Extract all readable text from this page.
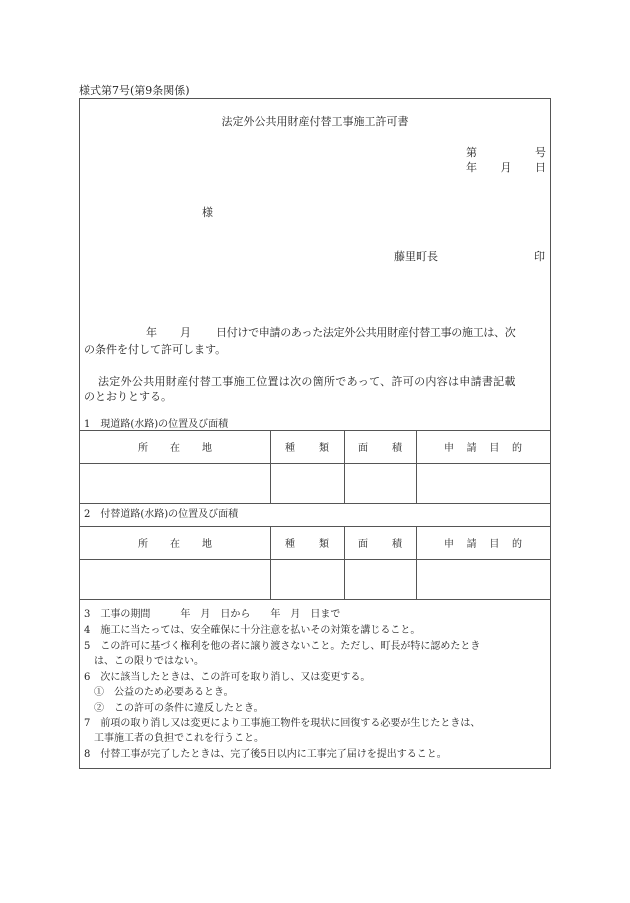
様式第7号(第9条関係)
法定外公共用財産付替工事施工許可書
第	号
年 月 日
様
藤里町長	印
年 月 日付けで申請のあった法定外公共用財産付替工事の施工は、次
の条件を付して許可します。
法定外公共用財産付替工事施工位置は次の箇所であって、許可の内容は申請書記載
のとおりとする。
1　現道路(水路)の位置及び面積
所 在 地	種 類	面 積	申 請 目 的
2　付替道路(水路)の位置及び面積
所 在 地	種 類	面 積	申 請 目 的
3　工事の期間　　　年　月　日から　　年　月　日まで
4　施工に当たっては、安全確保に十分注意を払いその対策を講じること。
5　この許可に基づく権利を他の者に譲り渡さないこと。ただし、町長が特に認めたとき
　は、この限りではない。
6　次に該当したときは、この許可を取り消し、又は変更する。
　①　公益のため必要あるとき。
　②　この許可の条件に違反したとき。
7　前項の取り消し又は変更により工事施工物件を現状に回復する必要が生じたときは、
　工事施工者の負担でこれを行うこと。
8　付替工事が完了したときは、完了後5日以内に工事完了届けを提出すること。
